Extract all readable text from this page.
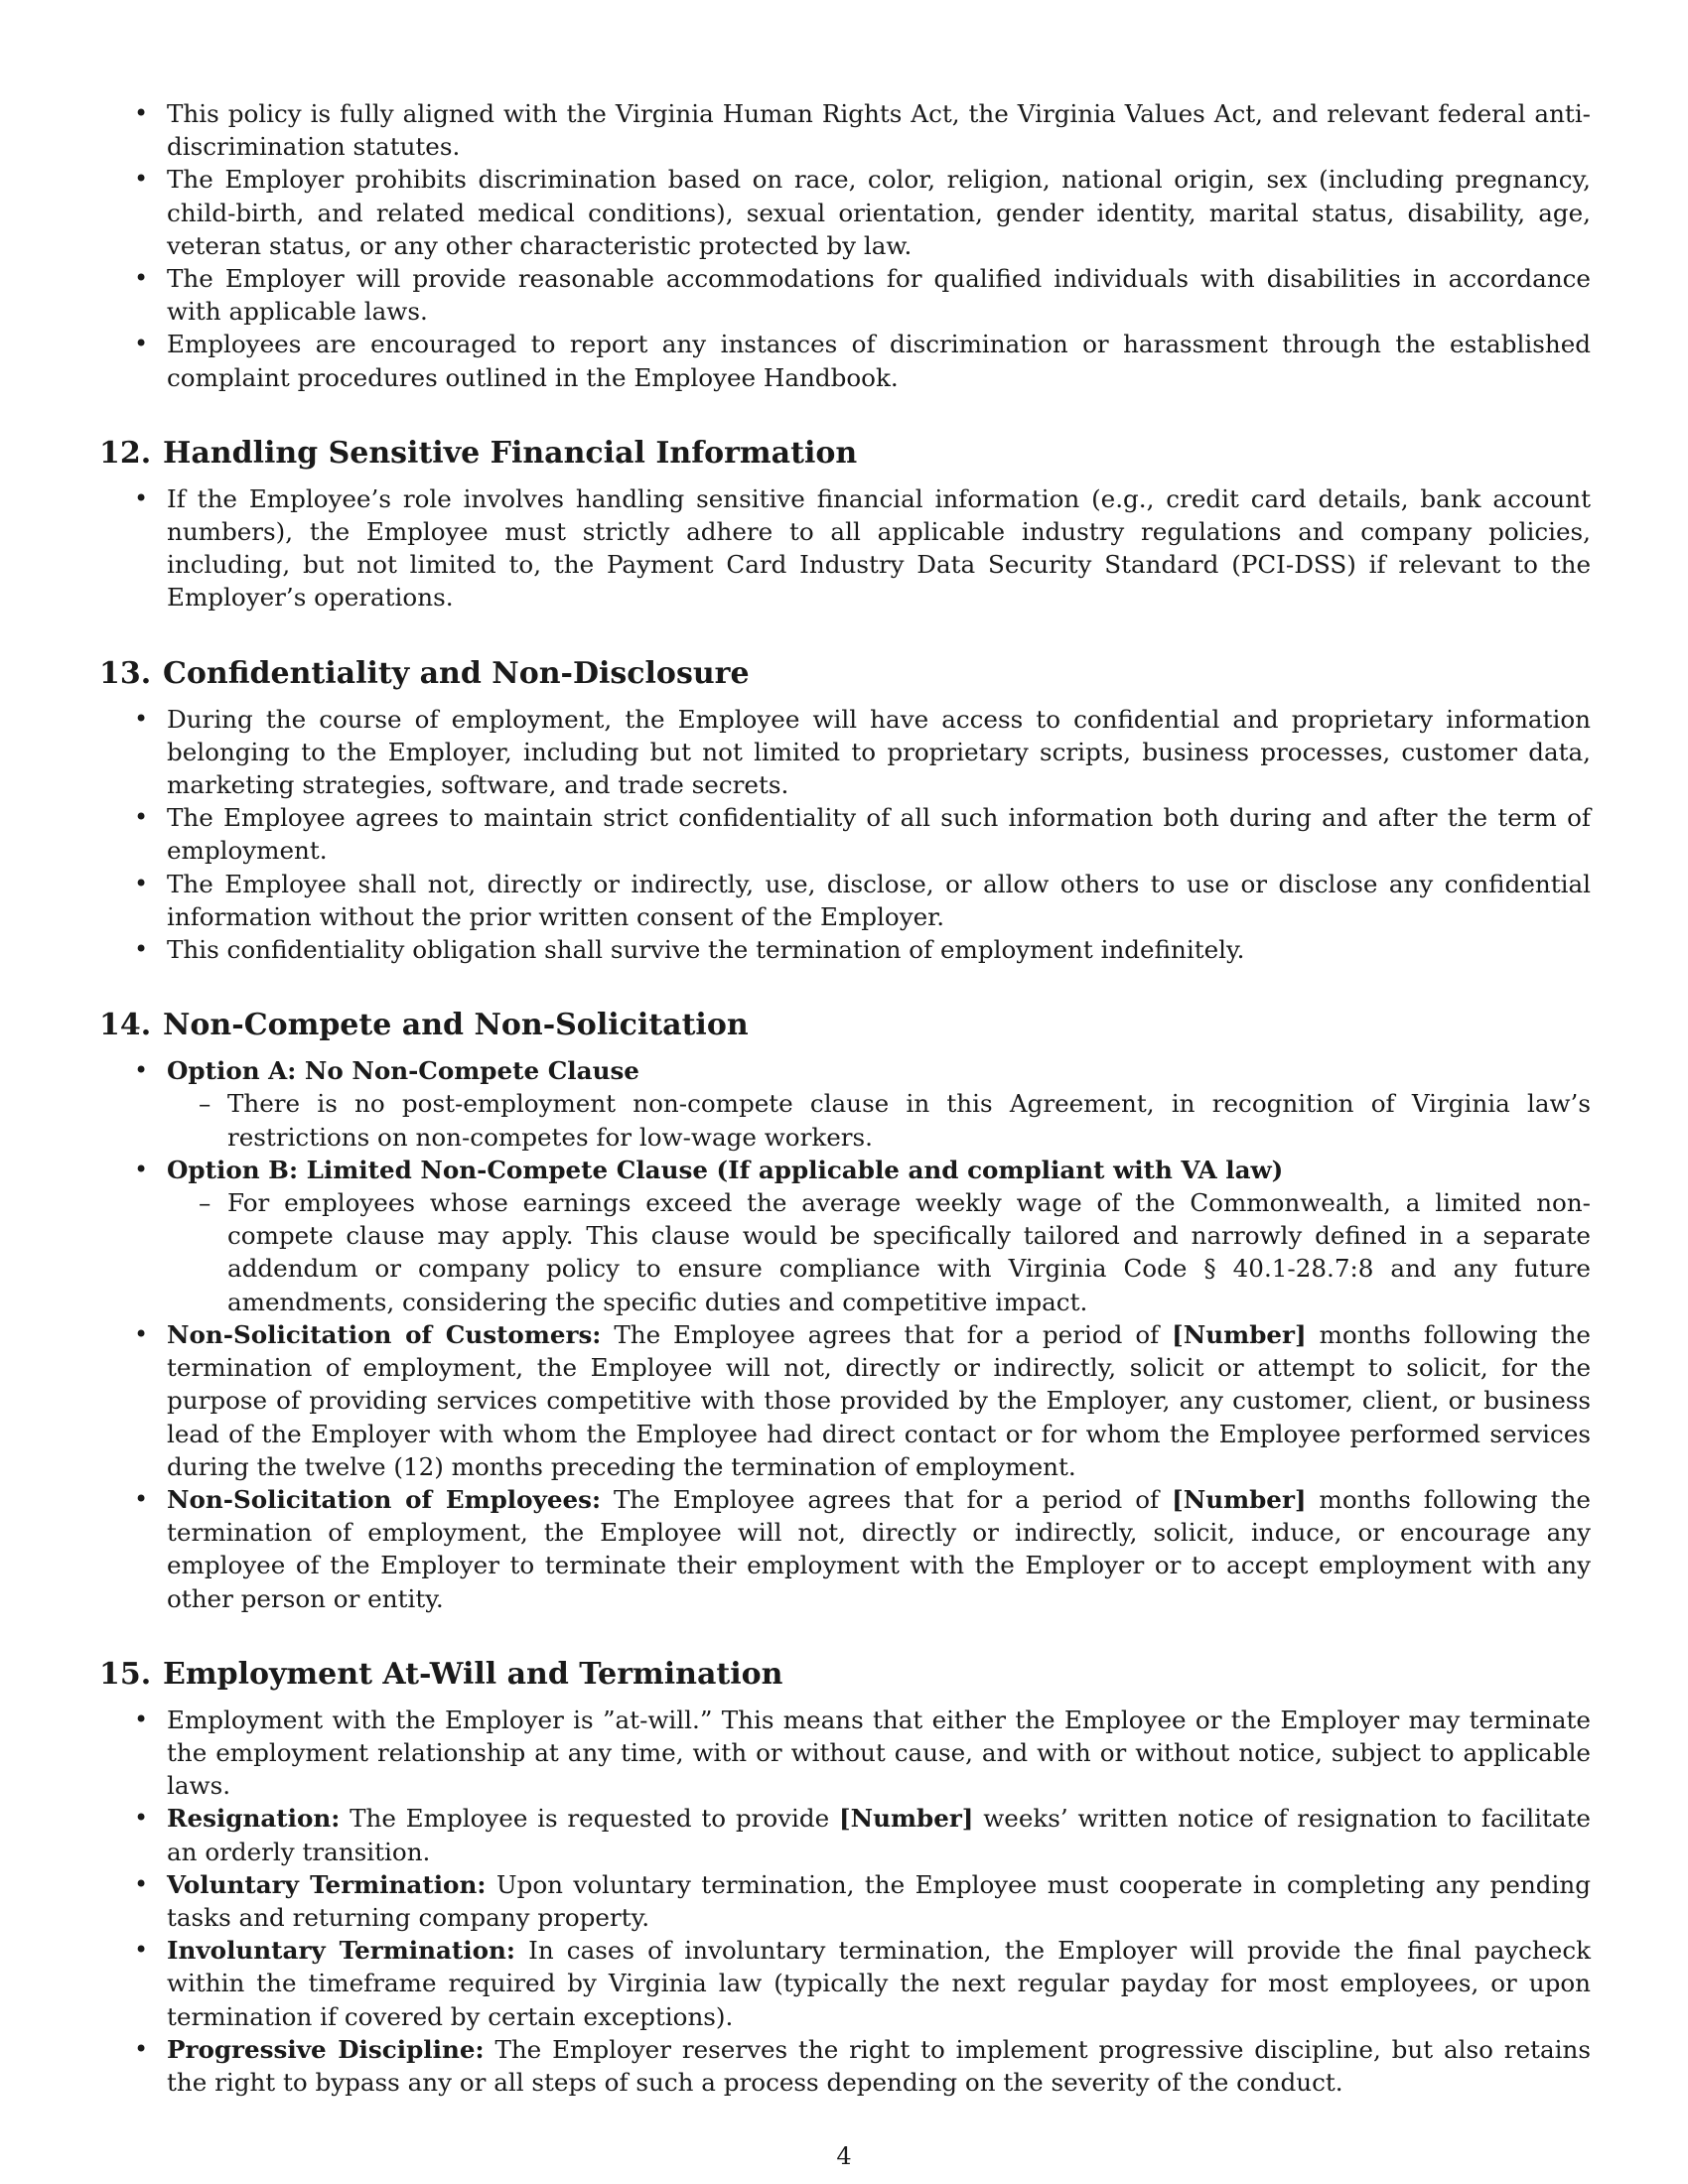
• This policy is fully aligned with the Virginia Human Rights Act, the Virginia Values Act, and relevant federal anti-discrimination statutes.
• The Employer prohibits discrimination based on race, color, religion, national origin, sex (including pregnancy, child-birth, and related medical conditions), sexual orientation, gender identity, marital status, disability, age, veteran status, or any other characteristic protected by law.
• The Employer will provide reasonable accommodations for qualified individuals with disabilities in accordance with applicable laws.
• Employees are encouraged to report any instances of discrimination or harassment through the established complaint procedures outlined in the Employee Handbook.
12. Handling Sensitive Financial Information
• If the Employee’s role involves handling sensitive financial information (e.g., credit card details, bank account numbers), the Employee must strictly adhere to all applicable industry regulations and company policies, including, but not limited to, the Payment Card Industry Data Security Standard (PCI-DSS) if relevant to the Employer’s operations.
13. Confidentiality and Non-Disclosure
• During the course of employment, the Employee will have access to confidential and proprietary information belonging to the Employer, including but not limited to proprietary scripts, business processes, customer data, marketing strategies, software, and trade secrets.
• The Employee agrees to maintain strict confidentiality of all such information both during and after the term of employment.
• The Employee shall not, directly or indirectly, use, disclose, or allow others to use or disclose any confidential information without the prior written consent of the Employer.
• This confidentiality obligation shall survive the termination of employment indefinitely.
14. Non-Compete and Non-Solicitation
• Option A: No Non-Compete Clause
– There is no post-employment non-compete clause in this Agreement, in recognition of Virginia law’s restrictions on non-competes for low-wage workers.
• Option B: Limited Non-Compete Clause (If applicable and compliant with VA law)
– For employees whose earnings exceed the average weekly wage of the Commonwealth, a limited non-compete clause may apply. This clause would be specifically tailored and narrowly defined in a separate addendum or company policy to ensure compliance with Virginia Code § 40.1-28.7:8 and any future amendments, considering the specific duties and competitive impact.
• Non-Solicitation of Customers: The Employee agrees that for a period of [Number] months following the termination of employment, the Employee will not, directly or indirectly, solicit or attempt to solicit, for the purpose of providing services competitive with those provided by the Employer, any customer, client, or business lead of the Employer with whom the Employee had direct contact or for whom the Employee performed services during the twelve (12) months preceding the termination of employment.
• Non-Solicitation of Employees: The Employee agrees that for a period of [Number] months following the termination of employment, the Employee will not, directly or indirectly, solicit, induce, or encourage any employee of the Employer to terminate their employment with the Employer or to accept employment with any other person or entity.
15. Employment At-Will and Termination
• Employment with the Employer is ”at-will.” This means that either the Employee or the Employer may terminate the employment relationship at any time, with or without cause, and with or without notice, subject to applicable laws.
• Resignation: The Employee is requested to provide [Number] weeks’ written notice of resignation to facilitate an orderly transition.
• Voluntary Termination: Upon voluntary termination, the Employee must cooperate in completing any pending tasks and returning company property.
• Involuntary Termination: In cases of involuntary termination, the Employer will provide the final paycheck within the timeframe required by Virginia law (typically the next regular payday for most employees, or upon termination if covered by certain exceptions).
• Progressive Discipline: The Employer reserves the right to implement progressive discipline, but also retains the right to bypass any or all steps of such a process depending on the severity of the conduct.
4
